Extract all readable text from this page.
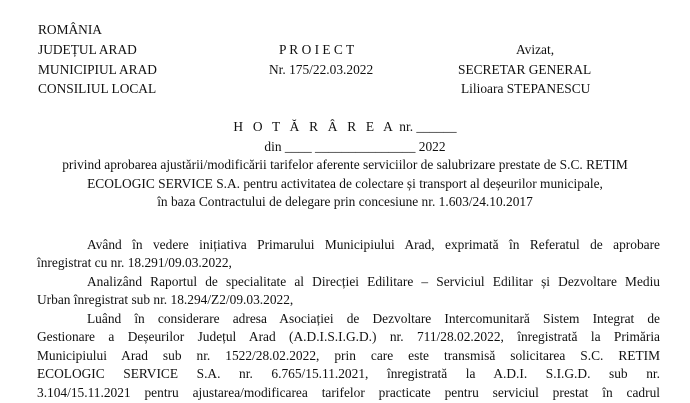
ROMÂNIA
JUDEȚUL ARAD
MUNICIPIUL ARAD
CONSILIUL LOCAL
P R O I E C T
Nr. 175/22.03.2022
Avizat,
SECRETAR GENERAL
Lilioara STEPANESCU
H O T Ă R Â R E A nr. ______
din ____ _______________ 2022
privind aprobarea ajustării/modificării tarifelor aferente serviciilor de salubrizare prestate de S.C. RETIM
ECOLOGIC SERVICE S.A. pentru activitatea de colectare și transport al deșeurilor municipale,
în baza Contractului de delegare prin concesiune nr. 1.603/24.10.2017
Având în vedere inițiativa Primarului Municipiului Arad, exprimată în Referatul de aprobare
înregistrat cu nr. 18.291/09.03.2022,
Analizând Raportul de specialitate al Direcției Edilitare – Serviciul Edilitar și Dezvoltare Mediu
Urban înregistrat sub nr. 18.294/Z2/09.03.2022,
Luând în considerare adresa Asociației de Dezvoltare Intercomunitară Sistem Integrat de
Gestionare a Deșeurilor Județul Arad (A.D.I.S.I.G.D.) nr. 711/28.02.2022, înregistrată la Primăria
Municipiului Arad sub nr. 1522/28.02.2022, prin care este transmisă solicitarea S.C. RETIM
ECOLOGIC SERVICE S.A. nr. 6.765/15.11.2021, înregistrată la A.D.I. S.I.G.D. sub nr.
3.104/15.11.2021 pentru ajustarea/modificarea tarifelor practicate pentru serviciul prestat în cadrul
